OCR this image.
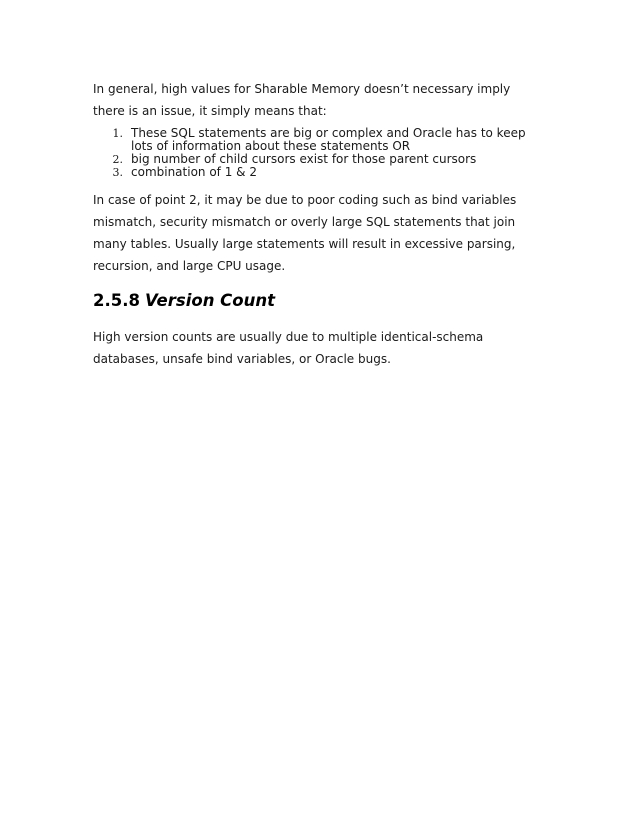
In general, high values for Sharable Memory doesn’t necessary imply there is an issue, it simply means that:

1. These SQL statements are big or complex and Oracle has to keep lots of information about these statements OR
2. big number of child cursors exist for those parent cursors
3. combination of 1 & 2

In case of point 2, it may be due to poor coding such as bind variables mismatch, security mismatch or overly large SQL statements that join many tables. Usually large statements will result in excessive parsing, recursion, and large CPU usage.

2.5.8 Version Count

High version counts are usually due to multiple identical-schema databases, unsafe bind variables, or Oracle bugs.
